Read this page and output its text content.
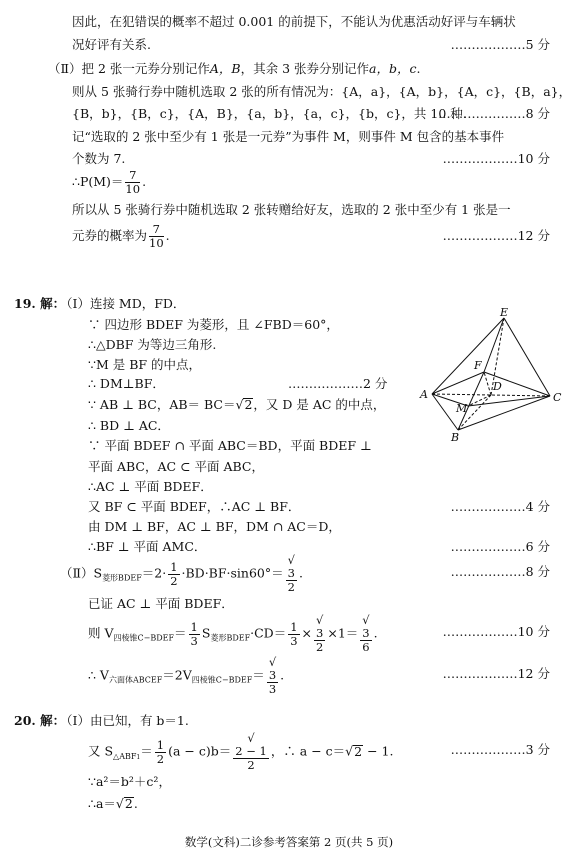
因此，在犯错误的概率不超过 0.001 的前提下，不能认为优惠活动好评与车辆状
况好评有关系.	………………5 分
（Ⅱ）把 2 张一元券分别记作A，B，其余 3 张券分别记作a，b，c.
则从 5 张骑行券中随机选取 2 张的所有情况为：{A，a}，{A，b}，{A，c}，{B，a}，
{B，b}，{B，c}，{A，B}，{a，b}，{a，c}，{b，c}，共 10 种.
…………………8 分
记“选取的 2 张中至少有 1 张是一元券”为事件 M，则事件 M 包含的基本事件
个数为 7.	………………10 分
∴P(M)＝ $\frac{7}{10}$ .
所以从 5 张骑行券中随机选取 2 张转赠给好友，选取的 2 张中至少有 1 张是一
元券的概率为 $\frac{7}{10}$ .	………………12 分
19. 解：
（Ⅰ）连接 MD，FD．
∵ 四边形 BDEF 为菱形，且 ∠FBD＝60°，
∴△DBF 为等边三角形.
∵M 是 BF 的中点，
∴ DM⊥BF．	………………2 分
∵ AB ⊥ BC，AB＝ BC＝√2，又 D 是 AC 的中点，
∴ BD ⊥ AC．
∵ 平面 BDEF ∩ 平面 ABC＝BD，平面 BDEF ⊥
平面 ABC，AC ⊂ 平面 ABC，
∴AC ⊥ 平面 BDEF．
又 BF ⊂ 平面 BDEF，∴AC ⊥ BF．	………………4 分
由 DM ⊥ BF，AC ⊥ BF，DM ∩ AC＝D，
∴BF ⊥ 平面 AMC．	………………6 分
$(Ⅱ)S_{菱形BDEF}=2\cdot \frac{1}{2} \cdot BD\cdot BF\cdot\sin 60^\circ=$ √
3
2 .	………………8 分
已证 AC ⊥ 平面 BDEF．
则 $V_{四棱锥C-BDEF}= \frac{1}{3} S_{菱形BDEF}\cdot CD= \frac{1}{3}$ × √
3
2 ×1＝ √
3
6 .	………………10 分
∴ $V_{六面体ABCEF}=2V_{四棱锥C-BDEF}=$ √
3
3 .	………………12 分
E
F
D
A	C
M
B
20. 解：
（Ⅰ）由已知，有 b＝1.
又 $S_{\triangle ABF1}= \frac{1}{2} (a - c)b=$ √
2 − 1
2 ，∴ a − c＝√2 − 1.	………………3 分
∵a²＝b²＋c²，
∴a＝√2.
数学(文科)二诊参考答案第 2 页(共 5 页)
